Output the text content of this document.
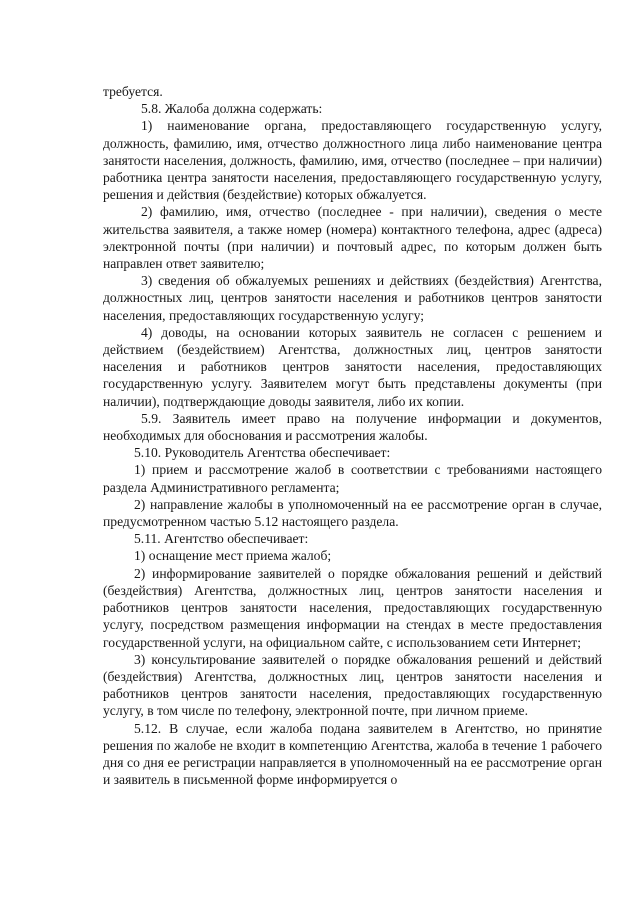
требуется.

5.8. Жалоба должна содержать:

1) наименование органа, предоставляющего государственную услугу, должность, фамилию, имя, отчество должностного лица либо наименование центра занятости населения, должность, фамилию, имя, отчество (последнее – при наличии) работника центра занятости населения, предоставляющего государственную услугу, решения и действия (бездействие) которых обжалуется.

2) фамилию, имя, отчество (последнее - при наличии), сведения о месте жительства заявителя, а также номер (номера) контактного телефона, адрес (адреса) электронной почты (при наличии) и почтовый адрес, по которым должен быть направлен ответ заявителю;

3) сведения об обжалуемых решениях и действиях (бездействия) Агентства, должностных лиц, центров занятости населения и работников центров занятости населения, предоставляющих государственную услугу;

4) доводы, на основании которых заявитель не согласен с решением и действием (бездействием) Агентства, должностных лиц, центров занятости населения и работников центров занятости населения, предоставляющих государственную услугу. Заявителем могут быть представлены документы (при наличии), подтверждающие доводы заявителя, либо их копии.

5.9. Заявитель имеет право на получение информации и документов, необходимых для обоснования и рассмотрения жалобы.

5.10. Руководитель Агентства обеспечивает:

1) прием и рассмотрение жалоб в соответствии с требованиями настоящего раздела Административного регламента;

2) направление жалобы в уполномоченный на ее рассмотрение орган в случае, предусмотренном частью 5.12 настоящего раздела.

5.11. Агентство обеспечивает:

1) оснащение мест приема жалоб;

2) информирование заявителей о порядке обжалования решений и действий (бездействия) Агентства, должностных лиц, центров занятости населения и работников центров занятости населения, предоставляющих государственную услугу, посредством размещения информации на стендах в месте предоставления государственной услуги, на официальном сайте, с использованием сети Интернет;

3) консультирование заявителей о порядке обжалования решений и действий (бездействия) Агентства, должностных лиц, центров занятости населения и работников центров занятости населения, предоставляющих государственную услугу, в том числе по телефону, электронной почте, при личном приеме.

5.12. В случае, если жалоба подана заявителем в Агентство, но принятие решения по жалобе не входит в компетенцию Агентства, жалоба в течение 1 рабочего дня со дня ее регистрации направляется в уполномоченный на ее рассмотрение орган и заявитель в письменной форме информируется о
